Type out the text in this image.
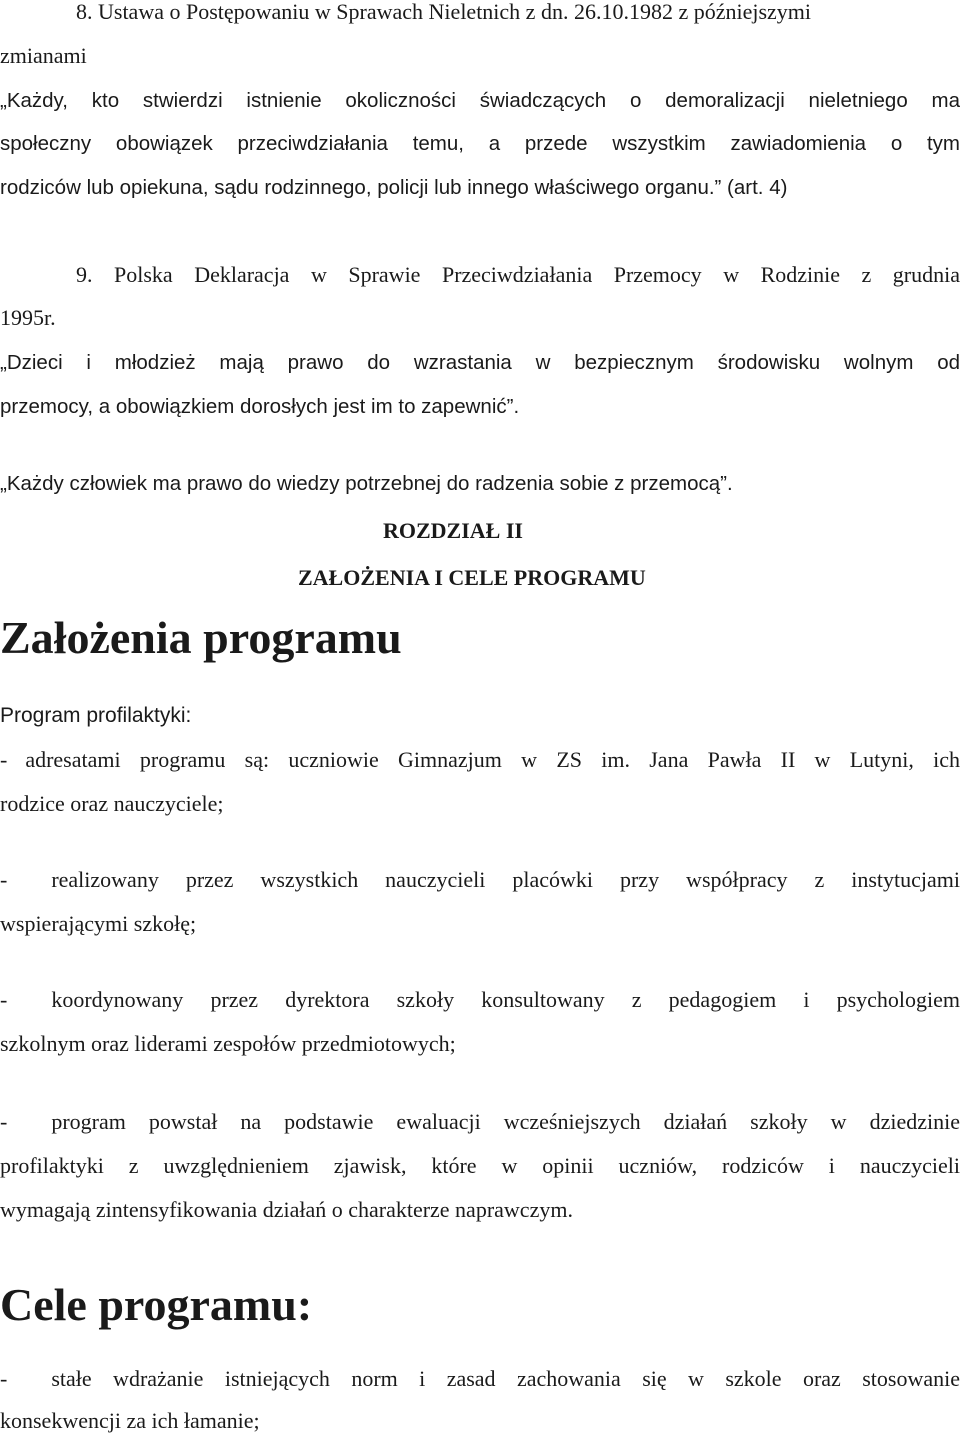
8. Ustawa o Postępowaniu w Sprawach Nieletnich z dn. 26.10.1982 z późniejszymi
zmianami
„Każdy, kto stwierdzi istnienie okoliczności świadczących o demoralizacji nieletniego ma
społeczny obowiązek przeciwdziałania temu, a przede wszystkim zawiadomienia o tym
rodziców lub opiekuna, sądu rodzinnego, policji lub innego właściwego organu.” (art. 4)
9. Polska Deklaracja w Sprawie Przeciwdziałania Przemocy w Rodzinie z grudnia
1995r.
„Dzieci i młodzież mają prawo do wzrastania w bezpiecznym środowisku wolnym od
przemocy, a obowiązkiem dorosłych jest im to zapewnić”.
„Każdy człowiek ma prawo do wiedzy potrzebnej do radzenia sobie z przemocą”.
ROZDZIAŁ II
ZAŁOŻENIA I CELE PROGRAMU
Założenia programu
Program profilaktyki:
- adresatami programu są: uczniowie Gimnazjum w ZS im. Jana Pawła II w Lutyni, ich
rodzice oraz nauczyciele;
- realizowany przez wszystkich nauczycieli placówki przy współpracy z instytucjami
wspierającymi szkołę;
- koordynowany przez dyrektora szkoły konsultowany z pedagogiem i psychologiem
szkolnym oraz liderami zespołów przedmiotowych;
- program powstał na podstawie ewaluacji wcześniejszych działań szkoły w dziedzinie
profilaktyki z uwzględnieniem zjawisk, które w opinii uczniów, rodziców i nauczycieli
wymagają zintensyfikowania działań o charakterze naprawczym.
Cele programu:
- stałe wdrażanie istniejących norm i zasad zachowania się w szkole oraz stosowanie
konsekwencji za ich łamanie;
